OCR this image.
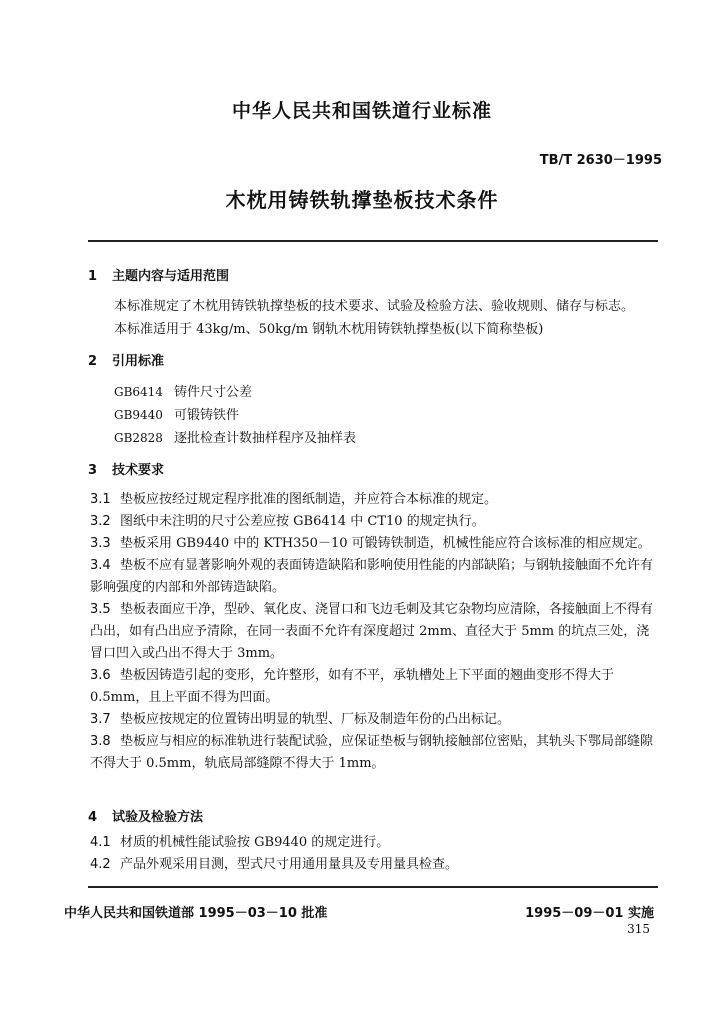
中华人民共和国铁道行业标准
TB/T 2630－1995
木枕用铸铁轨撑垫板技术条件
1 主题内容与适用范围
本标准规定了木枕用铸铁轨撑垫板的技术要求、试验及检验方法、验收规则、储存与标志。
本标准适用于 43kg/m、50kg/m 钢轨木枕用铸铁轨撑垫板(以下简称垫板)
2 引用标准
GB6414 铸件尺寸公差
GB9440 可锻铸铁件
GB2828 逐批检查计数抽样程序及抽样表
3 技术要求
3.1 垫板应按经过规定程序批准的图纸制造，并应符合本标准的规定。
3.2 图纸中未注明的尺寸公差应按 GB6414 中 CT10 的规定执行。
3.3 垫板采用 GB9440 中的 KTH350－10 可锻铸铁制造，机械性能应符合该标准的相应规定。
3.4 垫板不应有显著影响外观的表面铸造缺陷和影响使用性能的内部缺陷；与钢轨接触面不允许有影响强度的内部和外部铸造缺陷。
3.5 垫板表面应干净，型砂、氧化皮、浇冒口和飞边毛刺及其它杂物均应清除，各接触面上不得有凸出，如有凸出应予清除，在同一表面不允许有深度超过 2mm、直径大于 5mm 的坑点三处，浇冒口凹入或凸出不得大于 3mm。
3.6 垫板因铸造引起的变形，允许整形，如有不平，承轨槽处上下平面的翘曲变形不得大于 0.5mm，且上平面不得为凹面。
3.7 垫板应按规定的位置铸出明显的轨型、厂标及制造年份的凸出标记。
3.8 垫板应与相应的标准轨进行装配试验，应保证垫板与钢轨接触部位密贴，其轨头下鄂局部缝隙不得大于 0.5mm，轨底局部缝隙不得大于 1mm。
4 试验及检验方法
4.1 材质的机械性能试验按 GB9440 的规定进行。
4.2 产品外观采用目测，型式尺寸用通用量具及专用量具检查。
中华人民共和国铁道部 1995－03－10 批准	1995－09－01 实施
315
